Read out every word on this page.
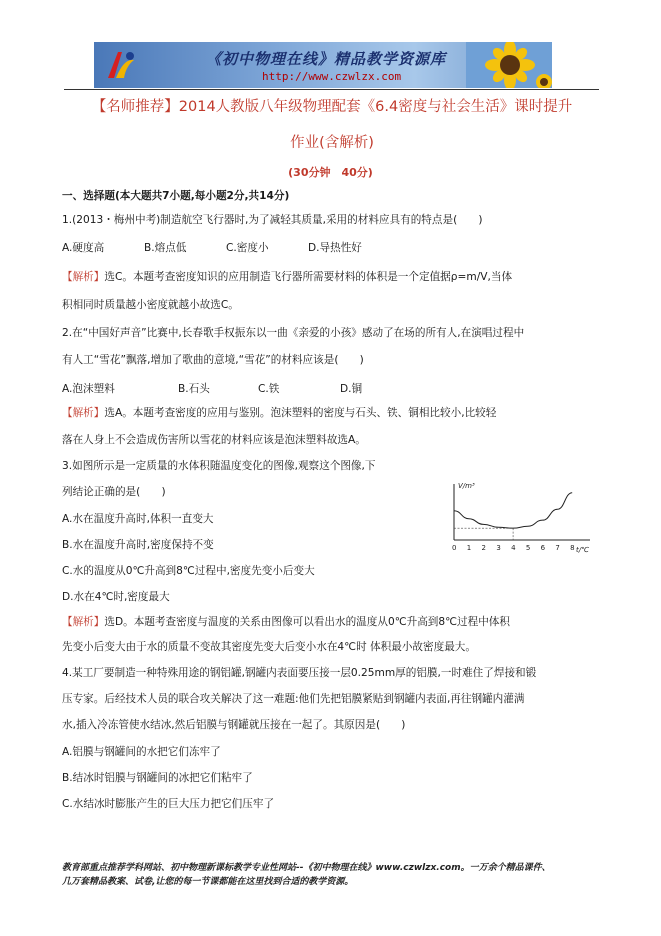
《初中物理在线》精品教学资源库
http://www.czwlzx.com
【名师推荐】2014人教版八年级物理配套《6.4密度与社会生活》课时提升
作业(含解析)
(30分钟　40分)
一、选择题(本大题共7小题,每小题2分,共14分)
1.(2013・梅州中考)制造航空飞行器时,为了减轻其质量,采用的材料应具有的特点是(　　)
A.硬度高	B.熔点低	C.密度小	D.导热性好
【解析】选C。本题考查密度知识的应用制造飞行器所需要材料的体积是一个定值据ρ=m/V,当体
积相同时质量越小密度就越小故选C。
2.在“中国好声音”比赛中,长春歌手权振东以一曲《亲爱的小孩》感动了在场的所有人,在演唱过程中
有人工“雪花”飘落,增加了歌曲的意境,“雪花”的材料应该是(　　)
A.泡沫塑料	B.石头	C.铁	D.铜
【解析】选A。本题考查密度的应用与鉴别。泡沫塑料的密度与石头、铁、铜相比较小,比较轻
落在人身上不会造成伤害所以雪花的材料应该是泡沫塑料故选A。
3.如图所示是一定质量的水体积随温度变化的图像,观察这个图像,下
列结论正确的是(　　)
A.水在温度升高时,体积一直变大
B.水在温度升高时,密度保持不变
C.水的温度从0℃升高到8℃过程中,密度先变小后变大
D.水在4℃时,密度最大
0 1 2 3 4 5 6 7 8
V/m³
t/℃
【解析】选D。本题考查密度与温度的关系由图像可以看出水的温度从0℃升高到8℃过程中体积
先变小后变大由于水的质量不变故其密度先变大后变小水在4℃时 体积最小故密度最大。
4.某工厂要制造一种特殊用途的钢铝罐,钢罐内表面要压接一层0.25mm厚的铝膜,一时难住了焊接和锻
压专家。后经技术人员的联合攻关解决了这一难题:他们先把铝膜紧贴到钢罐内表面,再往钢罐内灌满
水,插入冷冻管使水结冰,然后铝膜与钢罐就压接在一起了。其原因是(　　)
A.铝膜与钢罐间的水把它们冻牢了
B.结冰时铝膜与钢罐间的冰把它们粘牢了
C.水结冰时膨胀产生的巨大压力把它们压牢了
教育部重点推荐学科网站、初中物理新课标教学专业性网站--《初中物理在线》www.czwlzx.com。一万余个精品课件、
几万套精品教案、试卷,让您的每一节课都能在这里找到合适的教学资源。
